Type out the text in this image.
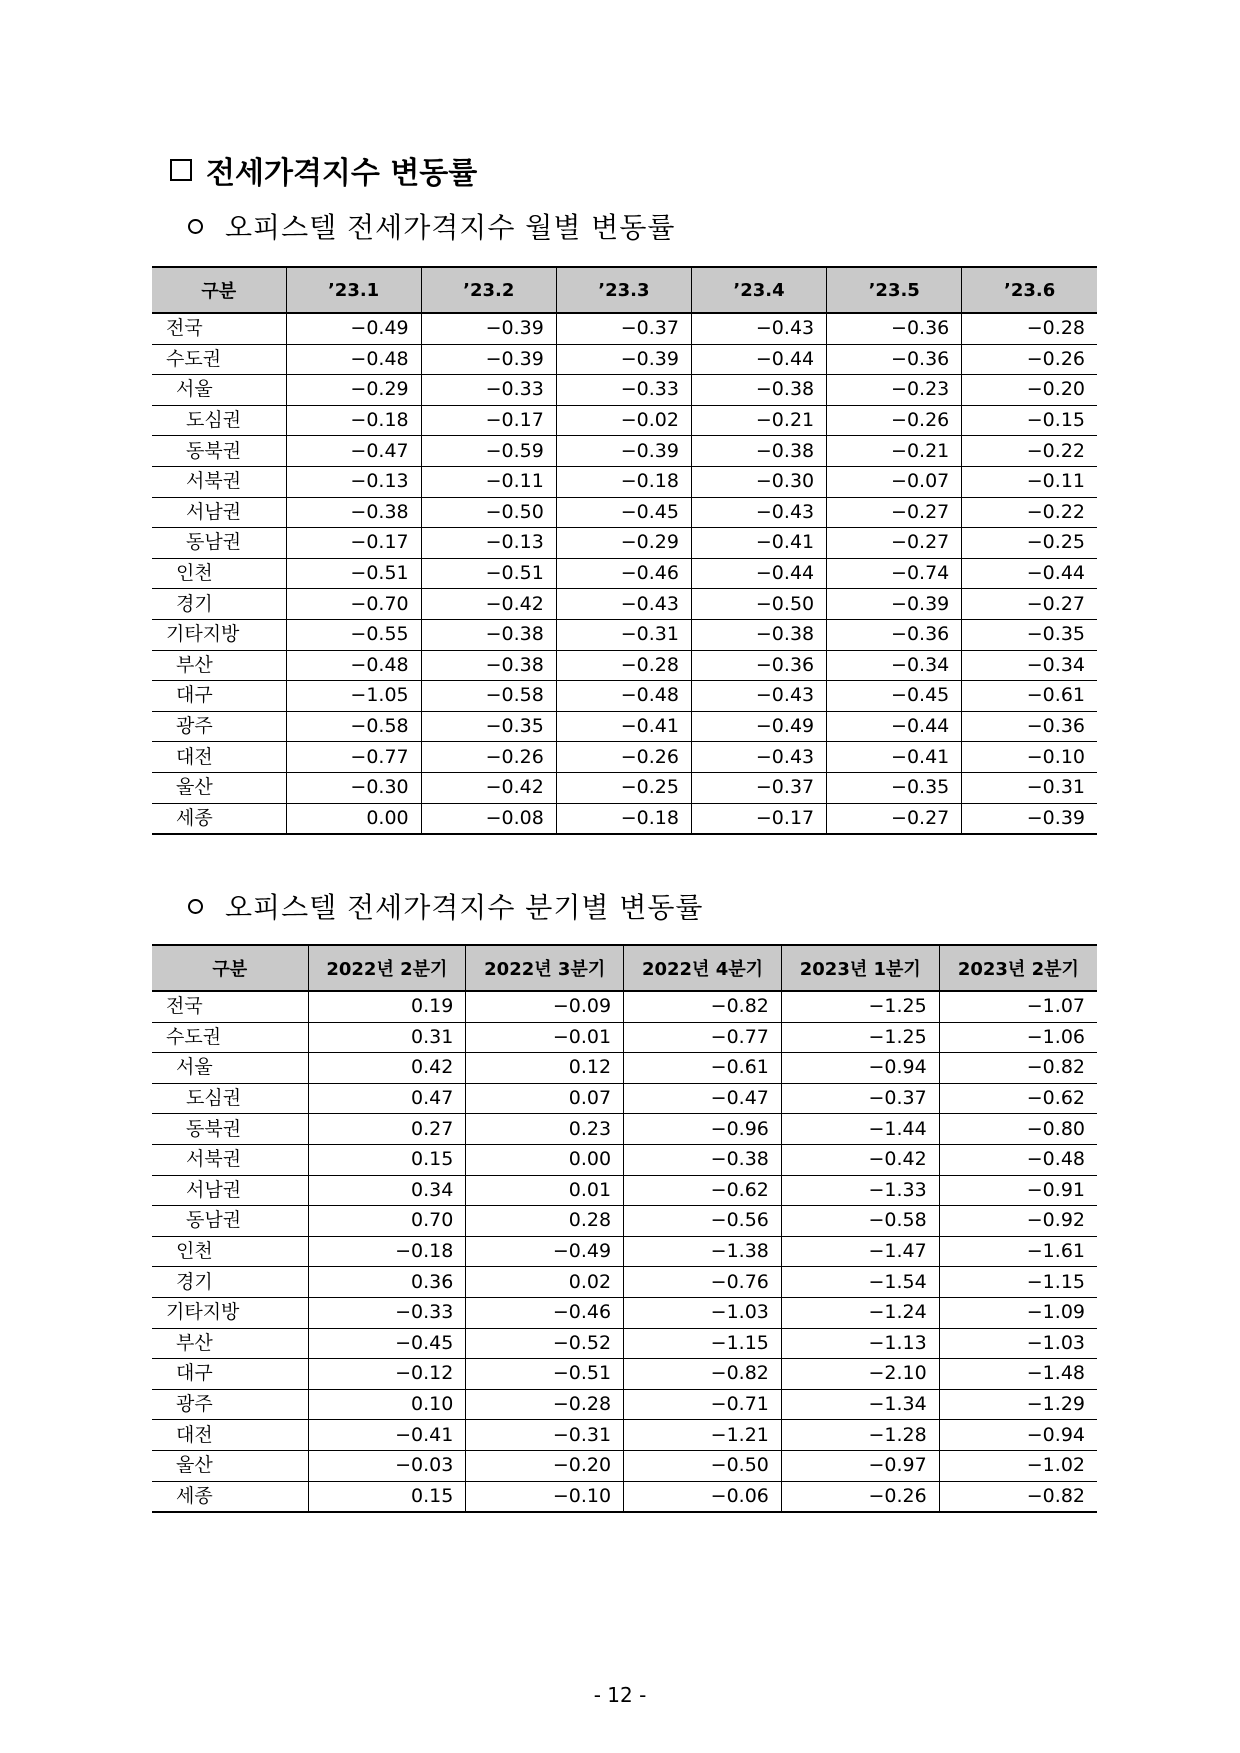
전세가격지수 변동률
오피스텔 전세가격지수 월별 변동률
구분	’23.1	’23.2	’23.3	’23.4	’23.5	’23.6
전국	−0.49	−0.39	−0.37	−0.43	−0.36	−0.28
수도권	−0.48	−0.39	−0.39	−0.44	−0.36	−0.26
서울	−0.29	−0.33	−0.33	−0.38	−0.23	−0.20
도심권	−0.18	−0.17	−0.02	−0.21	−0.26	−0.15
동북권	−0.47	−0.59	−0.39	−0.38	−0.21	−0.22
서북권	−0.13	−0.11	−0.18	−0.30	−0.07	−0.11
서남권	−0.38	−0.50	−0.45	−0.43	−0.27	−0.22
동남권	−0.17	−0.13	−0.29	−0.41	−0.27	−0.25
인천	−0.51	−0.51	−0.46	−0.44	−0.74	−0.44
경기	−0.70	−0.42	−0.43	−0.50	−0.39	−0.27
기타지방	−0.55	−0.38	−0.31	−0.38	−0.36	−0.35
부산	−0.48	−0.38	−0.28	−0.36	−0.34	−0.34
대구	−1.05	−0.58	−0.48	−0.43	−0.45	−0.61
광주	−0.58	−0.35	−0.41	−0.49	−0.44	−0.36
대전	−0.77	−0.26	−0.26	−0.43	−0.41	−0.10
울산	−0.30	−0.42	−0.25	−0.37	−0.35	−0.31
세종	0.00	−0.08	−0.18	−0.17	−0.27	−0.39
오피스텔 전세가격지수 분기별 변동률
구분	2022년 2분기	2022년 3분기	2022년 4분기	2023년 1분기	2023년 2분기
전국	0.19	−0.09	−0.82	−1.25	−1.07
수도권	0.31	−0.01	−0.77	−1.25	−1.06
서울	0.42	0.12	−0.61	−0.94	−0.82
도심권	0.47	0.07	−0.47	−0.37	−0.62
동북권	0.27	0.23	−0.96	−1.44	−0.80
서북권	0.15	0.00	−0.38	−0.42	−0.48
서남권	0.34	0.01	−0.62	−1.33	−0.91
동남권	0.70	0.28	−0.56	−0.58	−0.92
인천	−0.18	−0.49	−1.38	−1.47	−1.61
경기	0.36	0.02	−0.76	−1.54	−1.15
기타지방	−0.33	−0.46	−1.03	−1.24	−1.09
부산	−0.45	−0.52	−1.15	−1.13	−1.03
대구	−0.12	−0.51	−0.82	−2.10	−1.48
광주	0.10	−0.28	−0.71	−1.34	−1.29
대전	−0.41	−0.31	−1.21	−1.28	−0.94
울산	−0.03	−0.20	−0.50	−0.97	−1.02
세종	0.15	−0.10	−0.06	−0.26	−0.82
- 12 -
